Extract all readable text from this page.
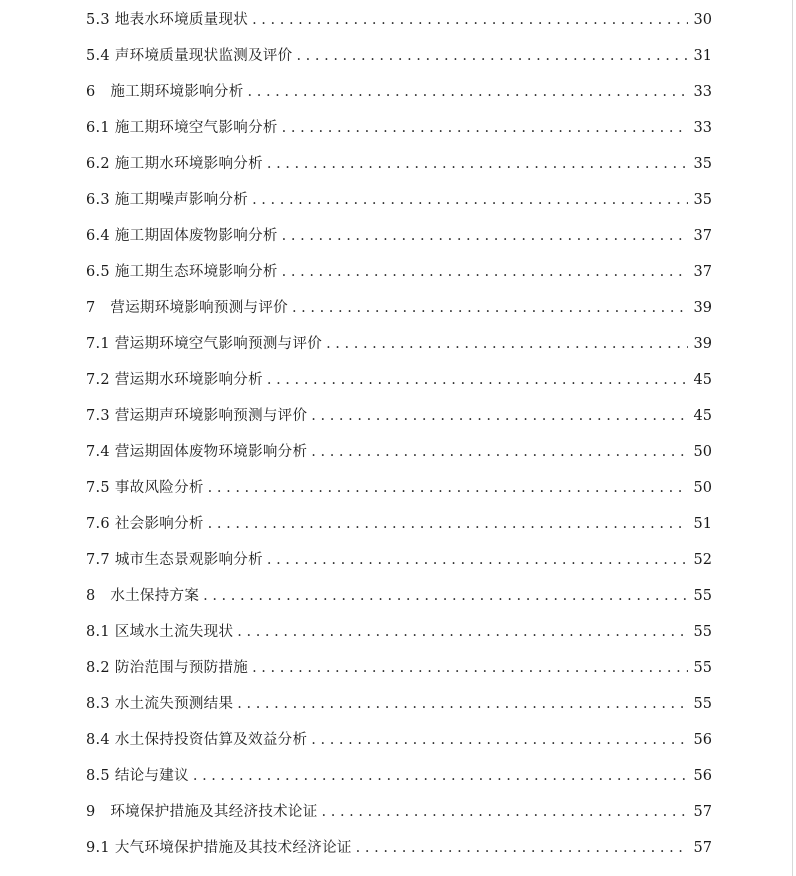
5.3 地表水环境质量现状 . . .	30
5.4 声环境质量现状监测及评价 . . .	31
6　施工期环境影响分析 . . .	33
6.1 施工期环境空气影响分析 . . .	33
6.2 施工期水环境影响分析 . . .	35
6.3 施工期噪声影响分析 . . .	35
6.4 施工期固体废物影响分析 . . .	37
6.5 施工期生态环境影响分析 . . .	37
7　营运期环境影响预测与评价 . . .	39
7.1 营运期环境空气影响预测与评价 . . .	39
7.2 营运期水环境影响分析 . . .	45
7.3 营运期声环境影响预测与评价 . . .	45
7.4 营运期固体废物环境影响分析 . . .	50
7.5 事故风险分析 . . .	50
7.6 社会影响分析 . . .	51
7.7 城市生态景观影响分析 . . .	52
8　水土保持方案 . . .	55
8.1 区域水土流失现状 . . .	55
8.2 防治范围与预防措施 . . .	55
8.3 水土流失预测结果 . . .	55
8.4 水土保持投资估算及效益分析 . . .	56
8.5 结论与建议 . . .	56
9　环境保护措施及其经济技术论证 . . .	57
9.1 大气环境保护措施及其技术经济论证 . . .	57
